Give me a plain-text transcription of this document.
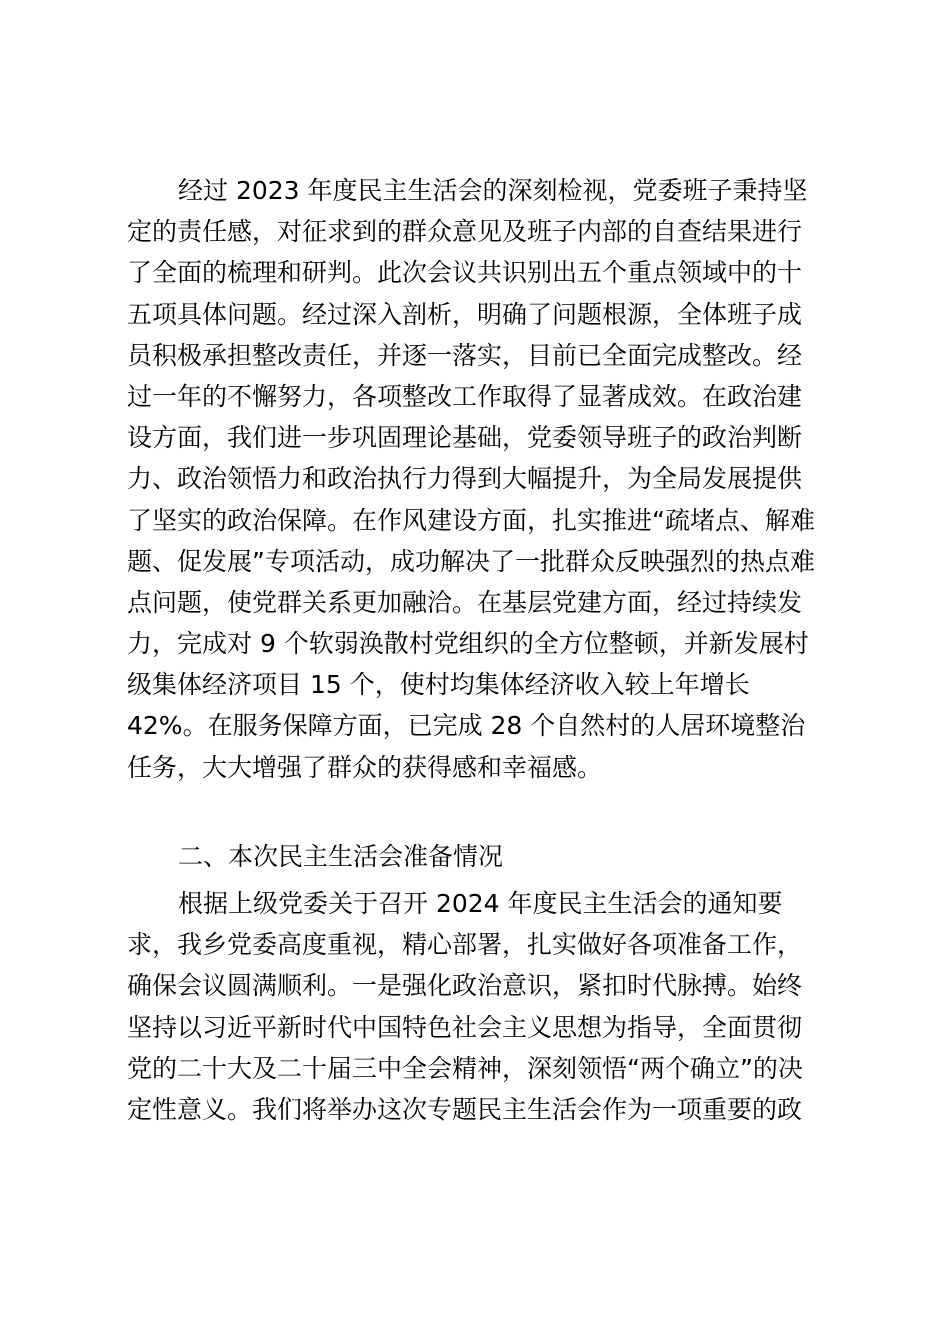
经过 2023 年度民主生活会的深刻检视，党委班子秉持坚
定的责任感，对征求到的群众意见及班子内部的自查结果进行
了全面的梳理和研判。此次会议共识别出五个重点领域中的十
五项具体问题。经过深入剖析，明确了问题根源，全体班子成
员积极承担整改责任，并逐一落实，目前已全面完成整改。经
过一年的不懈努力，各项整改工作取得了显著成效。在政治建
设方面，我们进一步巩固理论基础，党委领导班子的政治判断
力、政治领悟力和政治执行力得到大幅提升，为全局发展提供
了坚实的政治保障。在作风建设方面，扎实推进“疏堵点、解难
题、促发展”专项活动，成功解决了一批群众反映强烈的热点难
点问题，使党群关系更加融洽。在基层党建方面，经过持续发
力，完成对 9 个软弱涣散村党组织的全方位整顿，并新发展村
级集体经济项目 15 个，使村均集体经济收入较上年增长
42%。在服务保障方面，已完成 28 个自然村的人居环境整治
任务，大大增强了群众的获得感和幸福感。
二、本次民主生活会准备情况
根据上级党委关于召开 2024 年度民主生活会的通知要
求，我乡党委高度重视，精心部署，扎实做好各项准备工作，
确保会议圆满顺利。一是强化政治意识，紧扣时代脉搏。始终
坚持以习近平新时代中国特色社会主义思想为指导，全面贯彻
党的二十大及二十届三中全会精神，深刻领悟“两个确立”的决
定性意义。我们将举办这次专题民主生活会作为一项重要的政
